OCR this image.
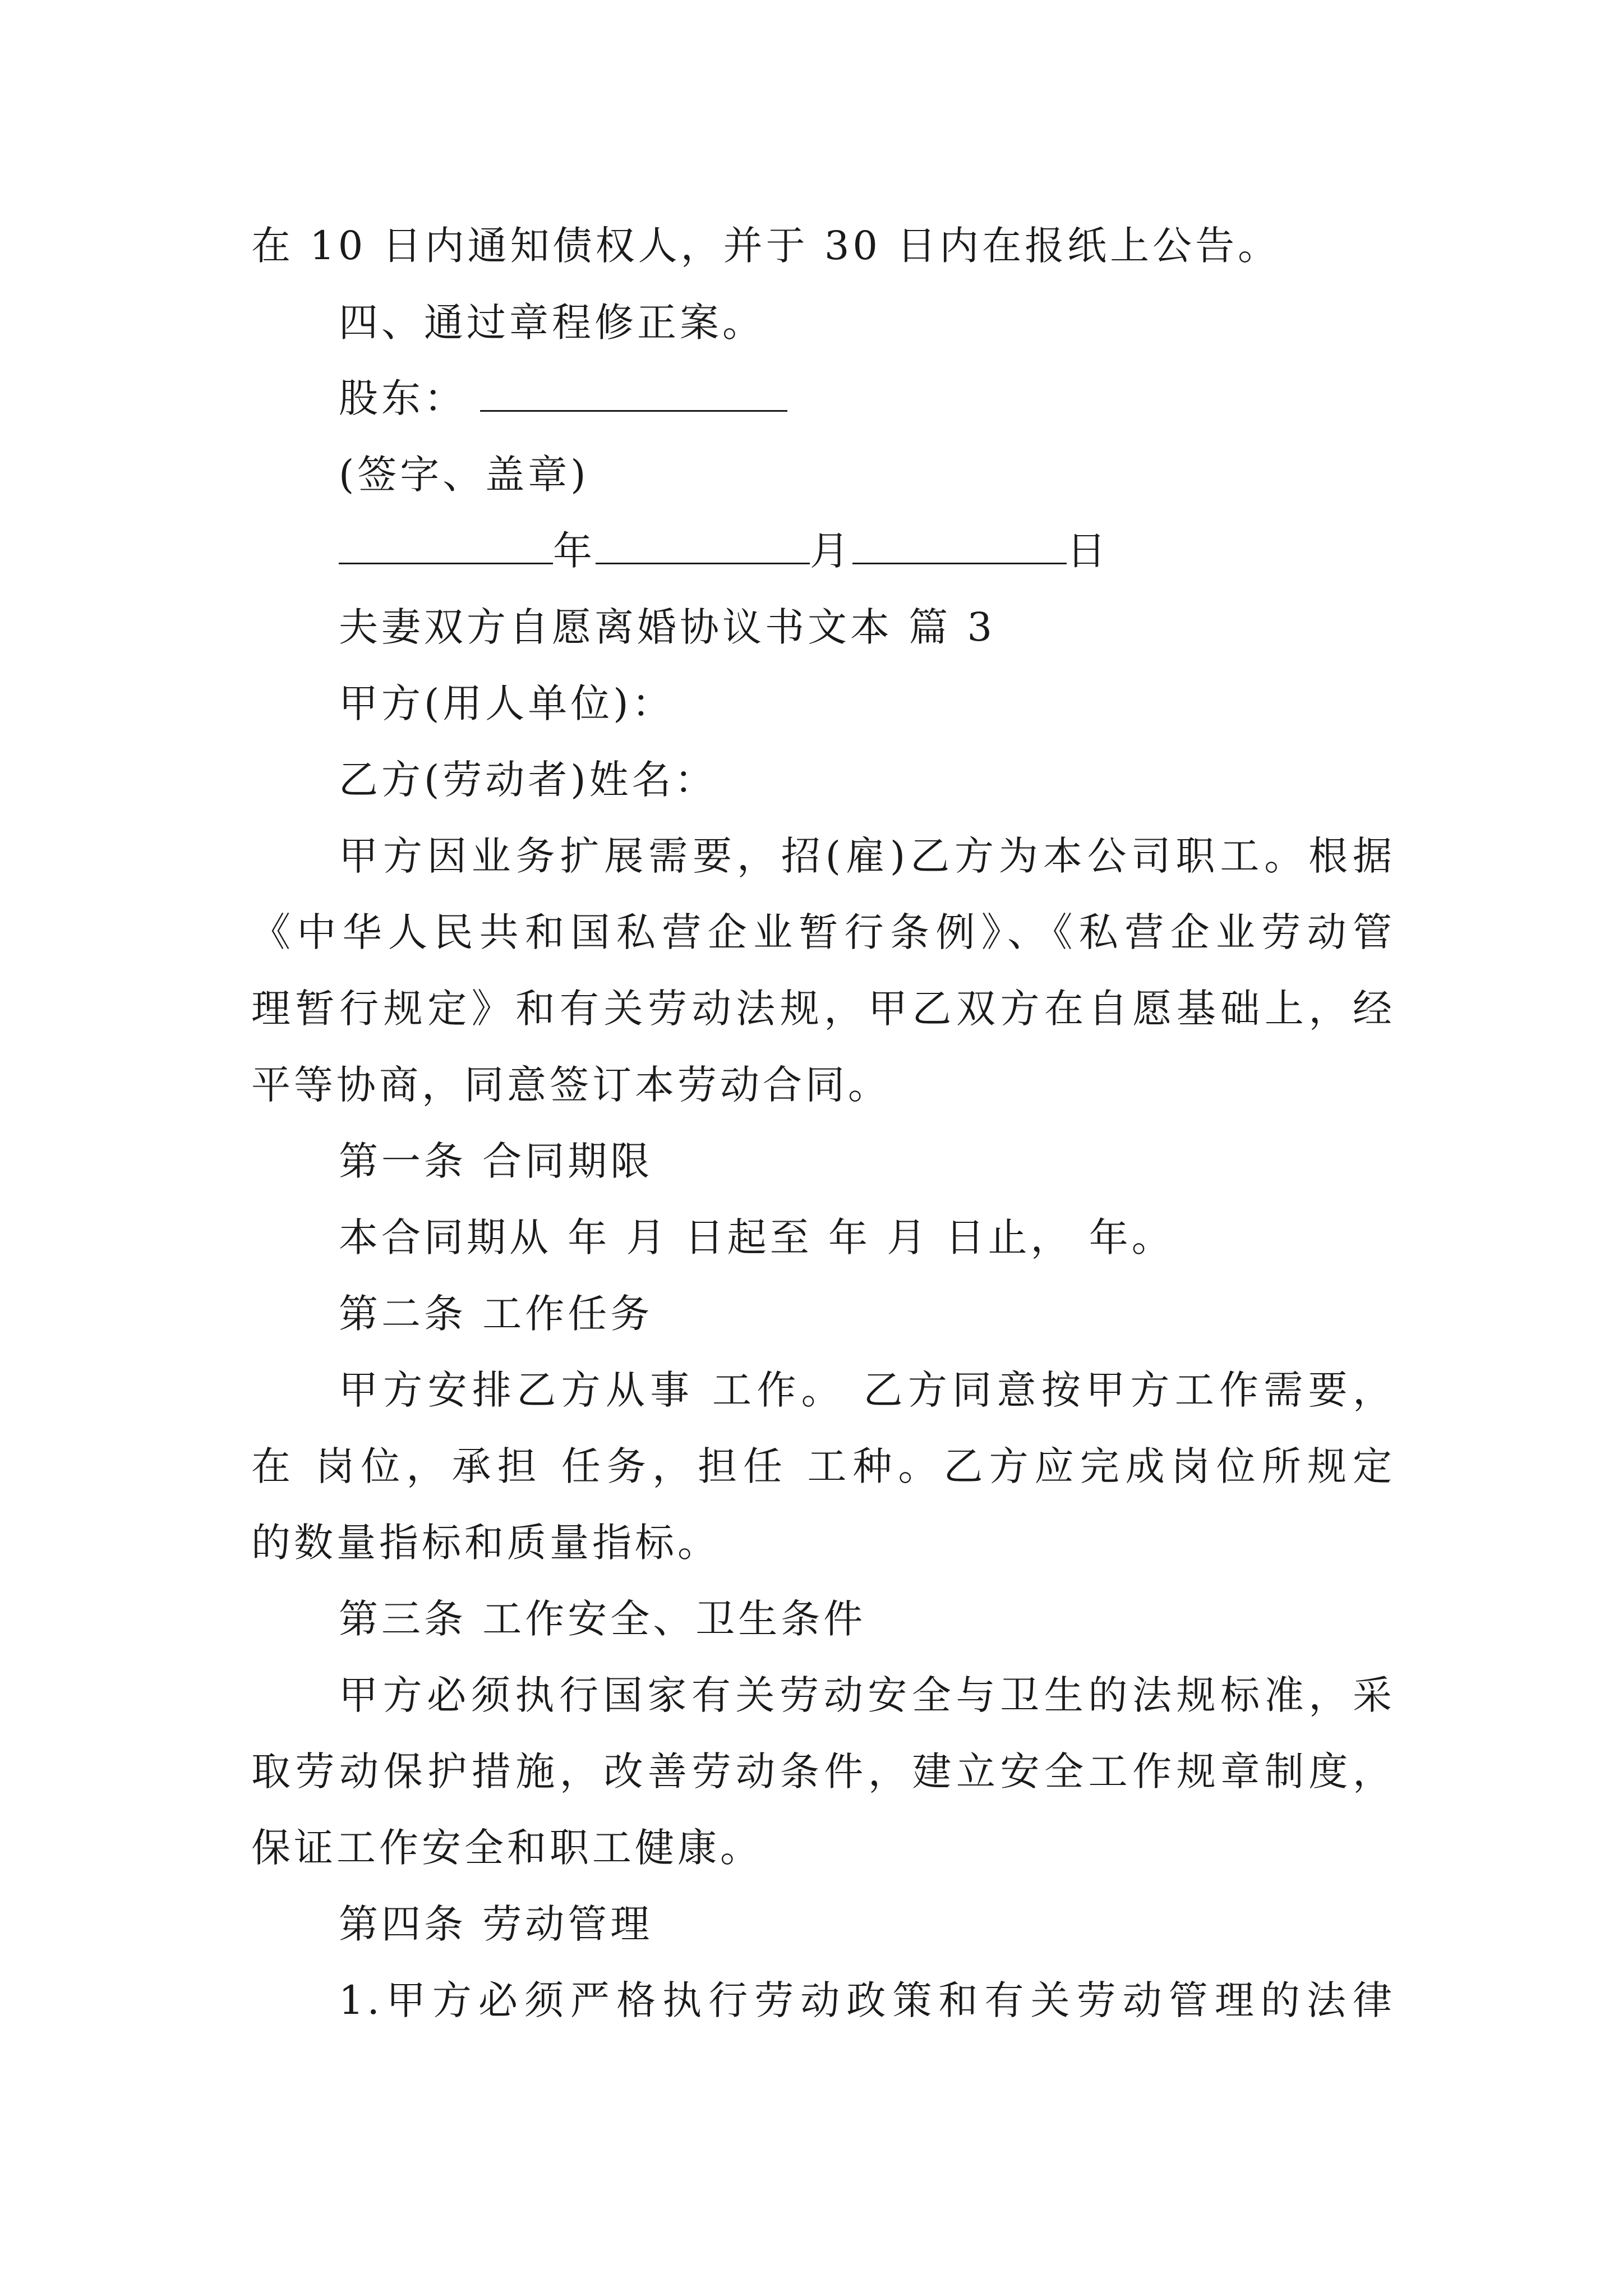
在 10 日内通知债权人，并于 30 日内在报纸上公告。
四、通过章程修正案。
股东：
(签字、盖章)
年	月	日
夫妻双方自愿离婚协议书文本 篇 3
甲方(用人单位)：
乙方(劳动者)姓名：
甲方因业务扩展需要，招(雇)乙方为本公司职工。根据
《中华人民共和国私营企业暂行条例》、《私营企业劳动管
理暂行规定》和有关劳动法规，甲乙双方在自愿基础上，经
平等协商，同意签订本劳动合同。
第一条 合同期限
本合同期从 年 月 日起至 年 月 日止， 年。
第二条 工作任务
甲方安排乙方从事 工作。 乙方同意按甲方工作需要，
在 岗位，承担 任务，担任 工种。乙方应完成岗位所规定
的数量指标和质量指标。
第三条 工作安全、卫生条件
甲方必须执行国家有关劳动安全与卫生的法规标准，采
取劳动保护措施，改善劳动条件，建立安全工作规章制度，
保证工作安全和职工健康。
第四条 劳动管理
1.甲方必须严格执行劳动政策和有关劳动管理的法律
